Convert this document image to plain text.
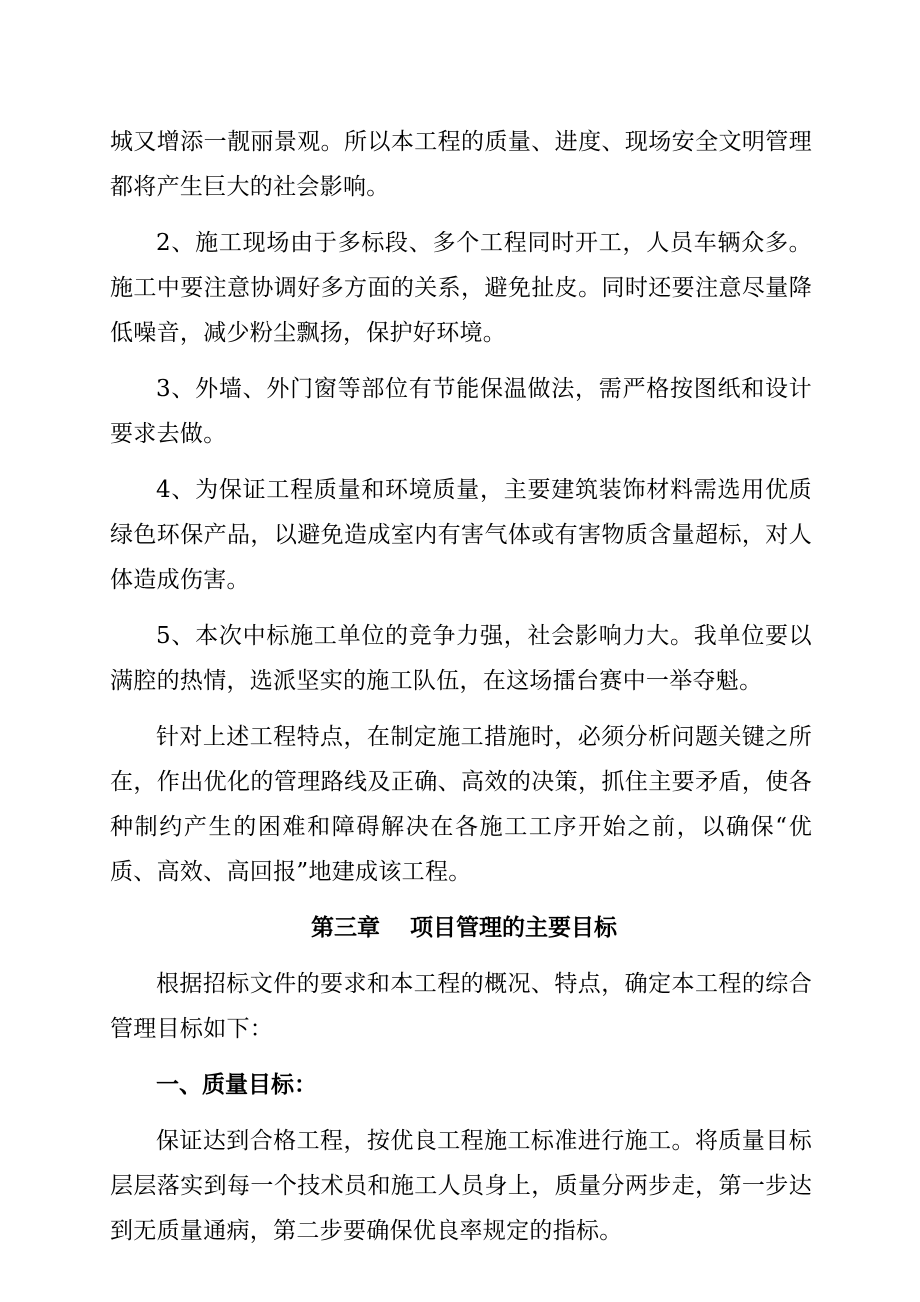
城又增添一靓丽景观。所以本工程的质量、进度、现场安全文明管理都将产生巨大的社会影响。

2、施工现场由于多标段、多个工程同时开工，人员车辆众多。施工中要注意协调好多方面的关系，避免扯皮。同时还要注意尽量降低噪音，减少粉尘飘扬，保护好环境。

3、外墙、外门窗等部位有节能保温做法，需严格按图纸和设计要求去做。

4、为保证工程质量和环境质量，主要建筑装饰材料需选用优质绿色环保产品，以避免造成室内有害气体或有害物质含量超标，对人体造成伤害。

5、本次中标施工单位的竞争力强，社会影响力大。我单位要以满腔的热情，选派坚实的施工队伍，在这场擂台赛中一举夺魁。

针对上述工程特点，在制定施工措施时，必须分析问题关键之所在，作出优化的管理路线及正确、高效的决策，抓住主要矛盾，使各种制约产生的困难和障碍解决在各施工工序开始之前，以确保“优质、高效、高回报”地建成该工程。

第三章 项目管理的主要目标

根据招标文件的要求和本工程的概况、特点，确定本工程的综合管理目标如下：

一、质量目标：

保证达到合格工程，按优良工程施工标准进行施工。将质量目标层层落实到每一个技术员和施工人员身上，质量分两步走，第一步达到无质量通病，第二步要确保优良率规定的指标。
